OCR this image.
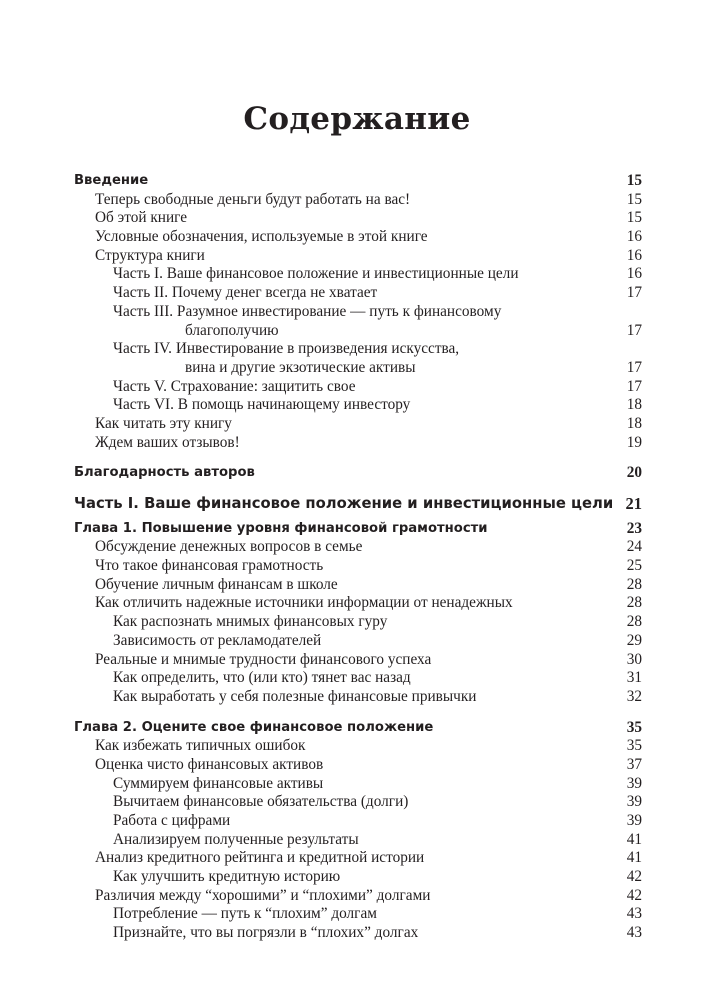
Содержание
Введение	15
Теперь свободные деньги будут работать на вас!	15
Об этой книге	15
Условные обозначения, используемые в этой книге	16
Структура книги	16
Часть I. Ваше финансовое положение и инвестиционные цели	16
Часть II. Почему денег всегда не хватает	17
Часть III. Разумное инвестирование — путь к финансовому
благополучию	17
Часть IV. Инвестирование в произведения искусства,
вина и другие экзотические активы	17
Часть V. Страхование: защитить свое	17
Часть VI. В помощь начинающему инвестору	18
Как читать эту книгу	18
Ждем ваших отзывов!	19
Благодарность авторов	20
Часть I. Ваше финансовое положение и инвестиционные цели 21
Глава 1. Повышение уровня финансовой грамотности	23
Обсуждение денежных вопросов в семье	24
Что такое финансовая грамотность	25
Обучение личным финансам в школе	28
Как отличить надежные источники информации от ненадежных	28
Как распознать мнимых финансовых гуру	28
Зависимость от рекламодателей	29
Реальные и мнимые трудности финансового успеха	30
Как определить, что (или кто) тянет вас назад	31
Как выработать у себя полезные финансовые привычки	32
Глава 2. Оцените свое финансовое положение	35
Как избежать типичных ошибок	35
Оценка чисто финансовых активов	37
Суммируем финансовые активы	39
Вычитаем финансовые обязательства (долги)	39
Работа с цифрами	39
Анализируем полученные результаты	41
Анализ кредитного рейтинга и кредитной истории	41
Как улучшить кредитную историю	42
Различия между “хорошими” и “плохими” долгами	42
Потребление — путь к “плохим” долгам	43
Признайте, что вы погрязли в “плохих” долгах	43
